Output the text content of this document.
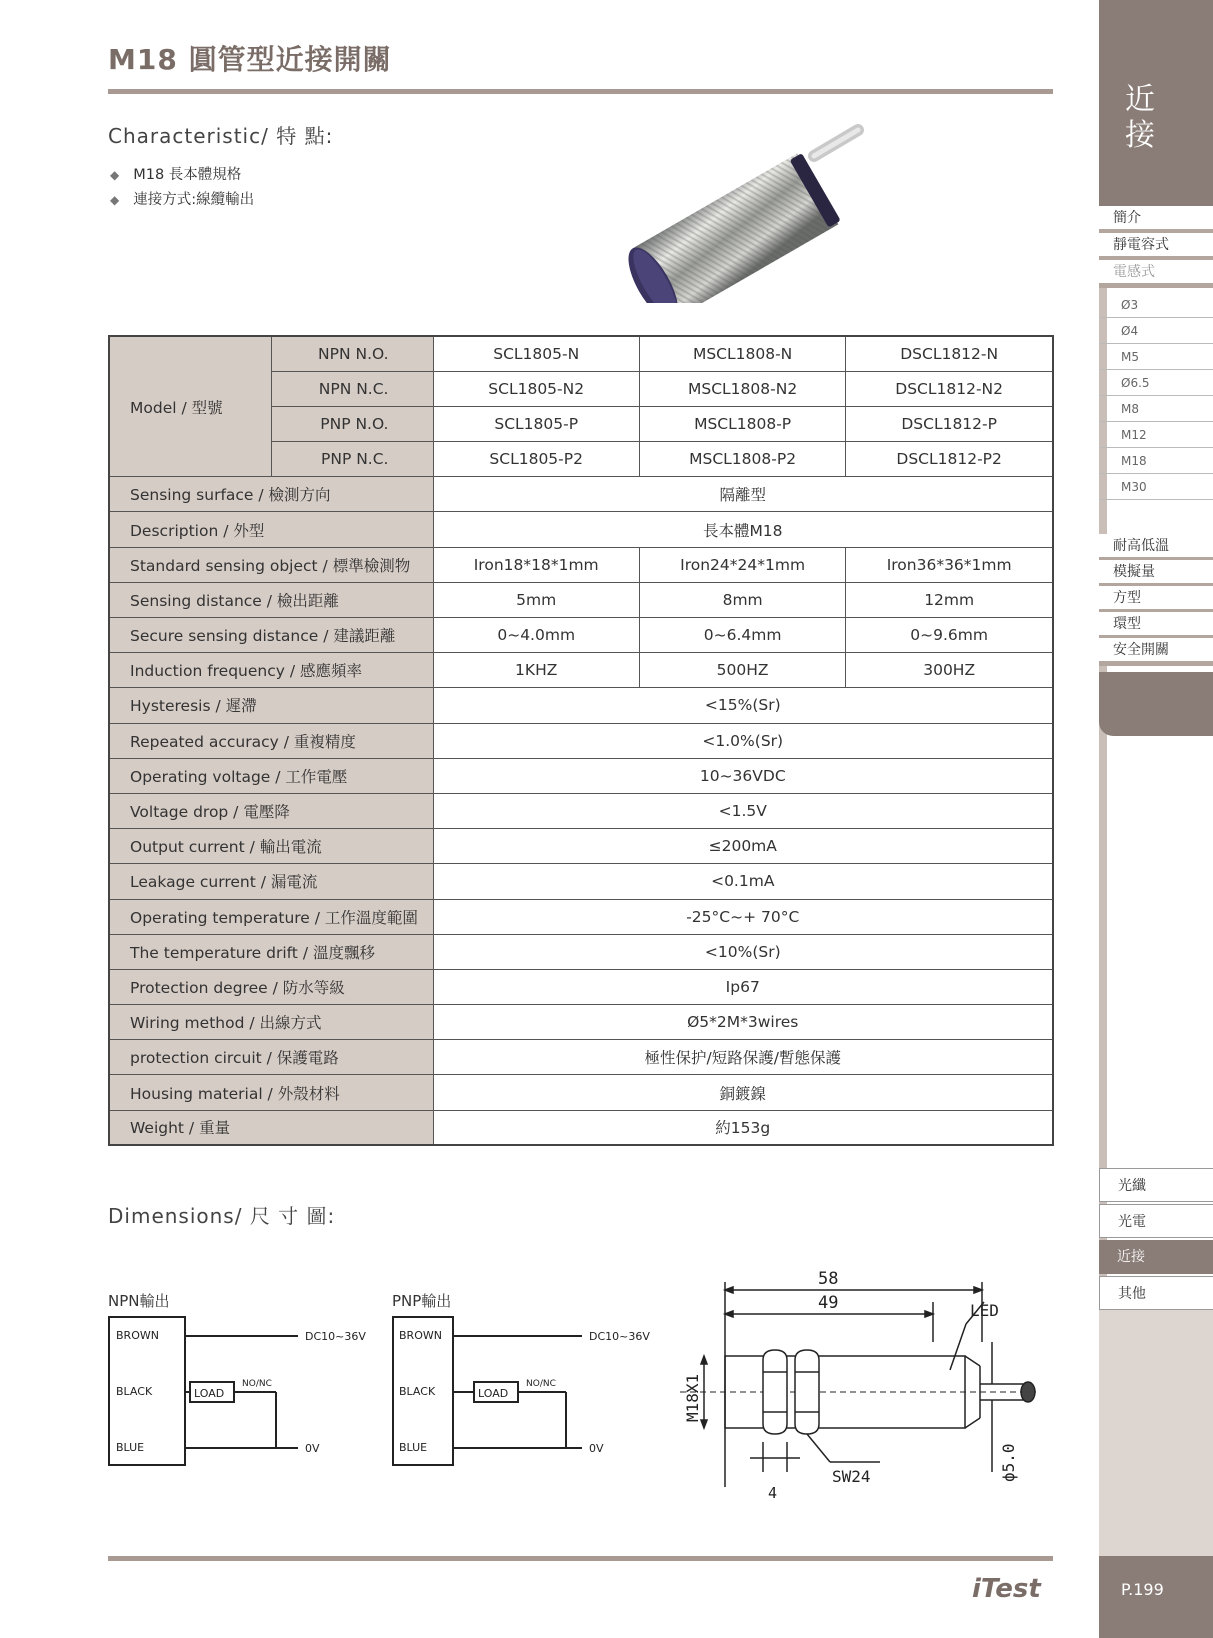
M18 圓管型近接開關
Characteristic/ 特 點:
◆ M18 長本體規格
◆ 連接方式:線纜輸出
Model / 型號	NPN N.O.	SCL1805-N	MSCL1808-N	DSCL1812-N
	NPN N.C.	SCL1805-N2	MSCL1808-N2	DSCL1812-N2
	PNP N.O.	SCL1805-P	MSCL1808-P	DSCL1812-P
	PNP N.C.	SCL1805-P2	MSCL1808-P2	DSCL1812-P2
Sensing surface / 檢測方向		隔離型		
Description / 外型		長本體M18		
Standard sensing object / 標準檢測物		Iron18*18*1mm	Iron24*24*1mm	Iron36*36*1mm
Sensing distance / 檢出距離		5mm	8mm	12mm
Secure sensing distance / 建議距離		0~4.0mm	0~6.4mm	0~9.6mm
Induction frequency / 感應頻率		1KHZ	500HZ	300HZ
Hysteresis / 遲滯		<15%(Sr)		
Repeated accuracy / 重複精度		<1.0%(Sr)		
Operating voltage / 工作電壓		10~36VDC		
Voltage drop / 電壓降		<1.5V		
Output current / 輸出電流		≤200mA		
Leakage current / 漏電流		<0.1mA		
Operating temperature / 工作溫度範圍		-25°C~+ 70°C		
The temperature drift / 溫度飄移		<10%(Sr)		
Protection degree / 防水等級		Ip67		
Wiring method / 出線方式		Ø5*2M*3wires		
protection circuit / 保護電路		極性保护/短路保護/暫態保護		
Housing material / 外殼材料		銅鍍鎳		
Weight / 重量		約153g		
Dimensions/ 尺 寸 圖:
NPN輸出
BROWN
BLACK
BLUE
LOAD
NO/NC
DC10~36V
0V
PNP輸出
BROWN
BLACK
BLUE
LOAD
NO/NC
DC10~36V
0V
58
49	LED
SW24
4
M18X1
ϕ5.0
iTest
近
接
簡介
靜電容式
電感式
Ø3
Ø4
M5
Ø6.5
M8
M12
M18
M30
耐高低溫
模擬量
方型
環型
安全開關
光纖
光電
近接
其他
P.199
